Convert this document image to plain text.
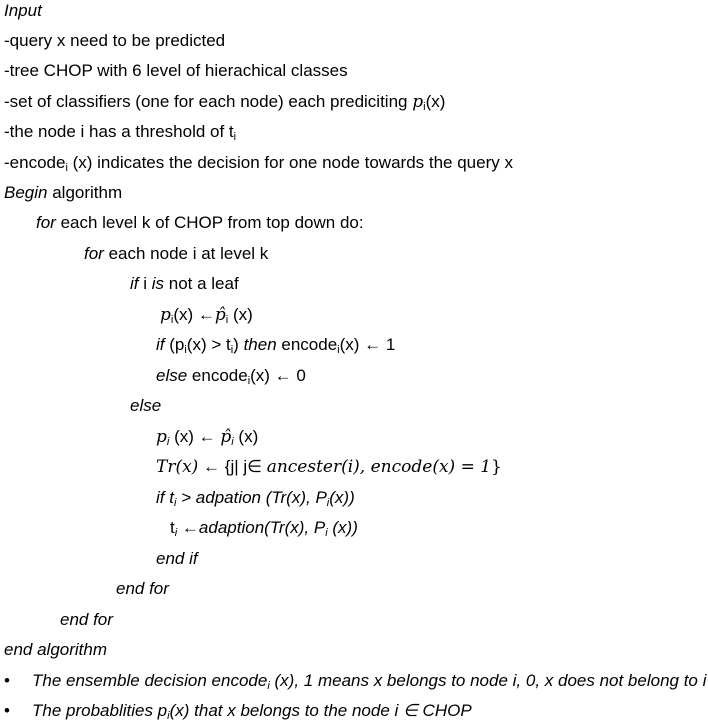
Input
-query x need to be predicted
-tree CHOP with 6 level of hierachical classes
-set of classifiers (one for each node) each prediciting $p_i(x)$
-the node i has a threshold of $t_i$
-encode$_i$ (x) indicates the decision for one node towards the query x
Begin algorithm
for each level k of CHOP from top down do:
for each node i at level k
if i is not a leaf
$p_i(x)$ $\leftarrow p̂_i$ (x)
if $(p_i(x) > t_i)$ then encode$_i$(x) ← 1
else encode$_i$(x) ← 0
else
$p_i$ (x) ← $p̂_i$ (x)
Tr(x) ← {j| j∈ ancester(i), encode(x) = 1}
if $t_i$ > adpation (Tr(x), $P_i(x)$)
$t_i$ ←adaption(Tr(x), $P_i$ (x))
end if
end for
end for
end algorithm
• The ensemble decision encode$_i$ (x), 1 means x belongs to node i, 0, x does not belong to i
• The probablities $p_i(x)$ that x belongs to the node i ∈ CHOP
